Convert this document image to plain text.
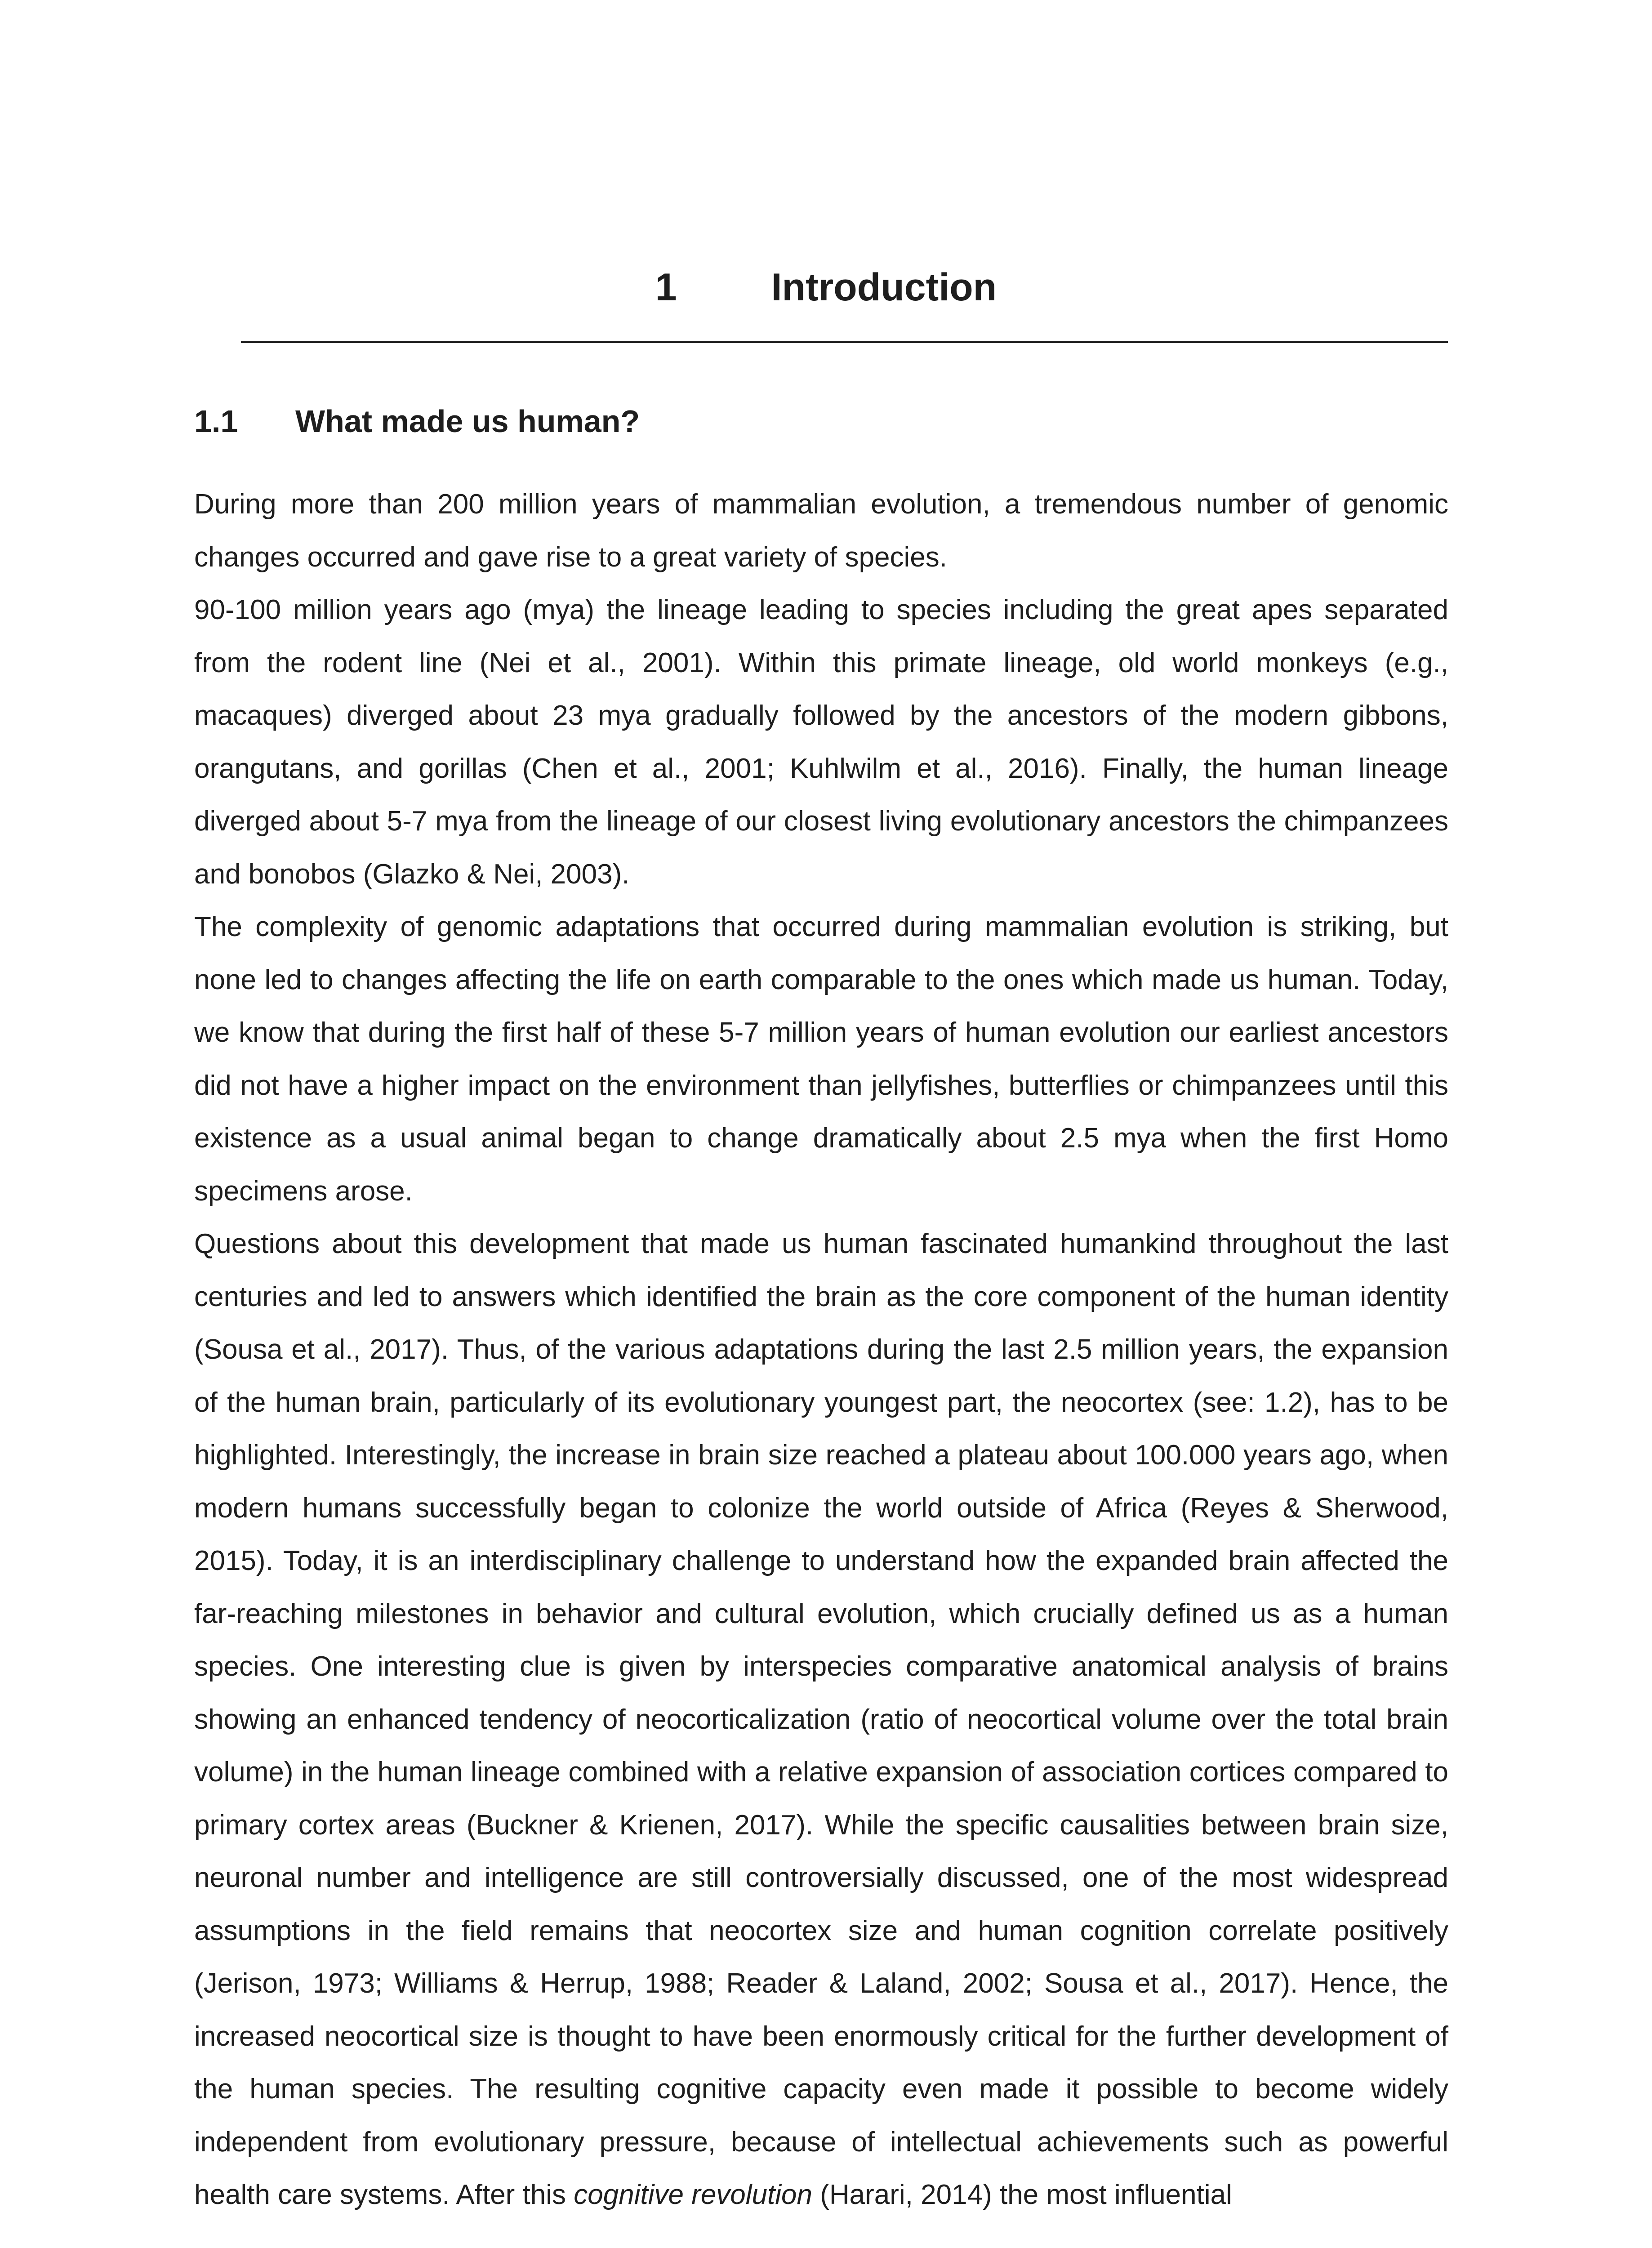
1 Introduction
1.1 What made us human?

During more than 200 million years of mammalian evolution, a tremendous number of genomic changes occurred and gave rise to a great variety of species.

90-100 million years ago (mya) the lineage leading to species including the great apes separated from the rodent line (Nei et al., 2001). Within this primate lineage, old world monkeys (e.g., macaques) diverged about 23 mya gradually followed by the ancestors of the modern gibbons, orangutans, and gorillas (Chen et al., 2001; Kuhlwilm et al., 2016). Finally, the human lineage diverged about 5-7 mya from the lineage of our closest living evolutionary ancestors the chimpanzees and bonobos (Glazko & Nei, 2003).

The complexity of genomic adaptations that occurred during mammalian evolution is striking, but none led to changes affecting the life on earth comparable to the ones which made us human. Today, we know that during the first half of these 5-7 million years of human evolution our earliest ancestors did not have a higher impact on the environment than jellyfishes, butterflies or chimpanzees until this existence as a usual animal began to change dramatically about 2.5 mya when the first Homo specimens arose.

Questions about this development that made us human fascinated humankind throughout the last centuries and led to answers which identified the brain as the core component of the human identity (Sousa et al., 2017). Thus, of the various adaptations during the last 2.5 million years, the expansion of the human brain, particularly of its evolutionary youngest part, the neocortex (see: 1.2), has to be highlighted. Interestingly, the increase in brain size reached a plateau about 100.000 years ago, when modern humans successfully began to colonize the world outside of Africa (Reyes & Sherwood, 2015). Today, it is an interdisciplinary challenge to understand how the expanded brain affected the far-reaching milestones in behavior and cultural evolution, which crucially defined us as a human species. One interesting clue is given by interspecies comparative anatomical analysis of brains showing an enhanced tendency of neocorticalization (ratio of neocortical volume over the total brain volume) in the human lineage combined with a relative expansion of association cortices compared to primary cortex areas (Buckner & Krienen, 2017). While the specific causalities between brain size, neuronal number and intelligence are still controversially discussed, one of the most widespread assumptions in the field remains that neocortex size and human cognition correlate positively (Jerison, 1973; Williams & Herrup, 1988; Reader & Laland, 2002; Sousa et al., 2017). Hence, the increased neocortical size is thought to have been enormously critical for the further development of the human species. The resulting cognitive capacity even made it possible to become widely independent from evolutionary pressure, because of intellectual achievements such as powerful health care systems. After this cognitive revolution (Harari, 2014) the most influential
